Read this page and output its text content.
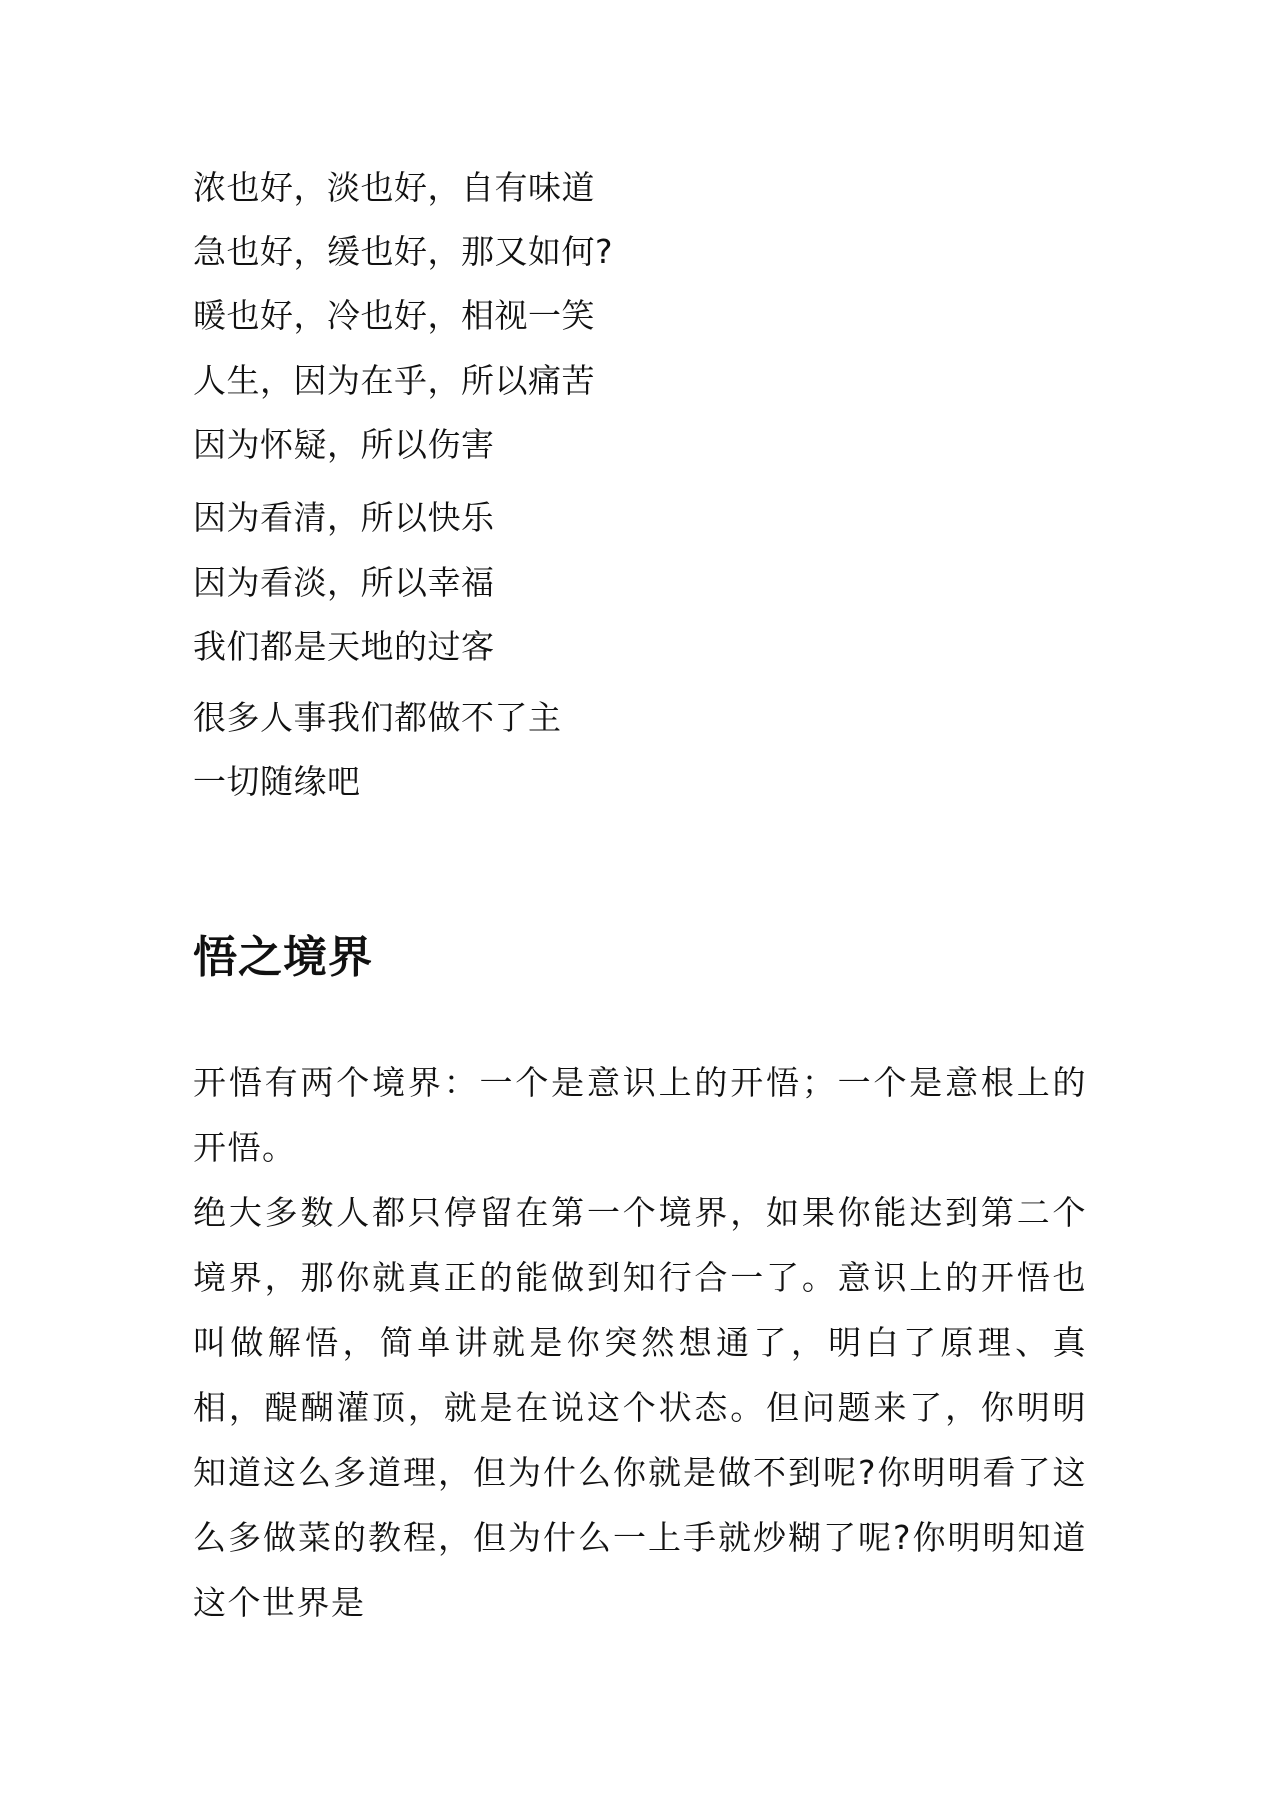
浓也好，淡也好，自有味道

急也好，缓也好，那又如何?

暖也好，冷也好，相视一笑

人生，因为在乎，所以痛苦

因为怀疑，所以伤害

因为看清，所以快乐

因为看淡，所以幸福

我们都是天地的过客

很多人事我们都做不了主

一切随缘吧

悟之境界

开悟有两个境界：一个是意识上的开悟；一个是意根上的开悟。

绝大多数人都只停留在第一个境界，如果你能达到第二个境界，那你就真正的能做到知行合一了。意识上的开悟也叫做解悟，简单讲就是你突然想通了，明白了原理、真相，醍醐灌顶，就是在说这个状态。但问题来了，你明明知道这么多道理，但为什么你就是做不到呢?你明明看了这么多做菜的教程，但为什么一上手就炒糊了呢?你明明知道这个世界是
